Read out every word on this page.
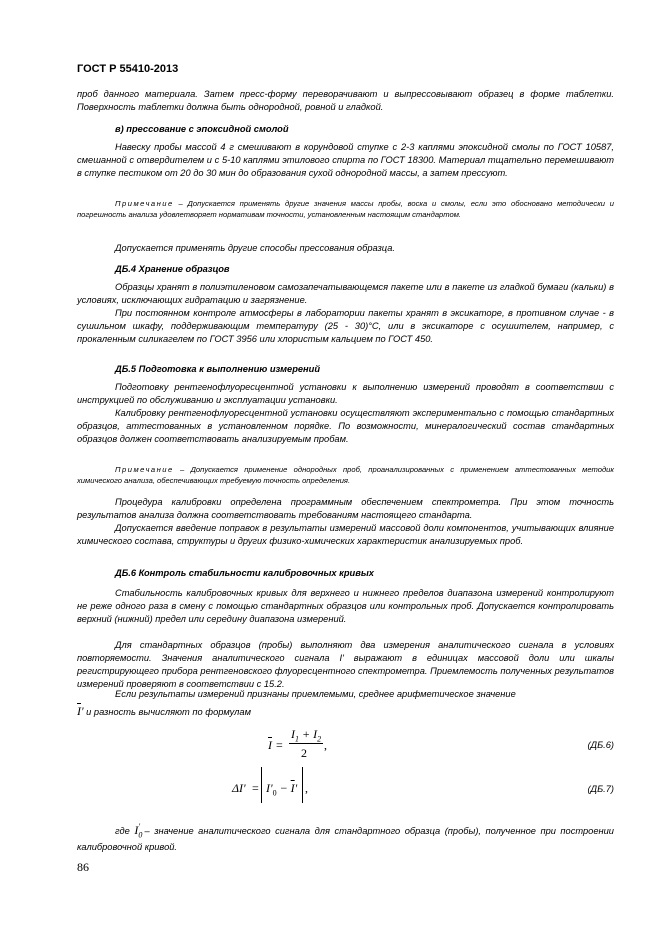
ГОСТ Р 55410-2013
проб данного материала. Затем пресс-форму переворачивают и выпрессовывают образец в форме таблетки. Поверхность таблетки должна быть однородной, ровной и гладкой.
в) прессование с эпоксидной смолой
Навеску пробы массой 4 г смешивают в корундовой ступке с 2-3 каплями эпоксидной смолы по ГОСТ 10587, смешанной с отвердителем и с 5-10 каплями этилового спирта по ГОСТ 18300. Материал тщательно перемешивают в ступке пестиком от 20 до 30 мин до образования сухой однородной массы, а затем прессуют.
Примечание – Допускается применять другие значения массы пробы, воска и смолы, если это обосновано методически и погрешность анализа удовлетворяет нормативам точности, установленным настоящим стандартом.
Допускается применять другие способы прессования образца.
ДБ.4 Хранение образцов
Образцы хранят в полиэтиленовом самозапечатывающемся пакете или в пакете из гладкой бумаги (кальки) в условиях, исключающих гидратацию и загрязнение.
При постоянном контроле атмосферы в лаборатории пакеты хранят в эксикаторе, в противном случае - в сушильном шкафу, поддерживающим температуру (25 - 30)°С, или в эксикаторе с осушителем, например, с прокаленным силикагелем по ГОСТ 3956 или хлористым кальцием по ГОСТ 450.
ДБ.5 Подготовка к выполнению измерений
Подготовку рентгенофлуоресцентной установки к выполнению измерений проводят в соответствии с инструкцией по обслуживанию и эксплуатации установки.
Калибровку рентгенофлуоресцентной установки осуществляют экспериментально с помощью стандартных образцов, аттестованных в установленном порядке. По возможности, минералогический состав стандартных образцов должен соответствовать анализируемым пробам.
Примечание – Допускается применение однородных проб, проанализированных с применением аттестованных методик химического анализа, обеспечивающих требуемую точность определения.
Процедура калибровки определена программным обеспечением спектрометра. При этом точность результатов анализа должна соответствовать требованиям настоящего стандарта.
Допускается введение поправок в результаты измерений массовой доли компонентов, учитывающих влияние химического состава, структуры и других физико-химических характеристик анализируемых проб.
ДБ.6 Контроль стабильности калибровочных кривых
Стабильность калибровочных кривых для верхнего и нижнего пределов диапазона измерений контролируют не реже одного раза в смену с помощью стандартных образцов или контрольных проб. Допускается контролировать верхний (нижний) предел или середину диапазона измерений.
Для стандартных образцов (пробы) выполняют два измерения аналитического сигнала в условиях повторяемости. Значения аналитического сигнала I' выражают в единицах массовой доли или шкалы регистрирующего прибора рентгеновского флуоресцентного спектрометра. Приемлемость полученных результатов измерений проверяют в соответствии с 15.2.
Если результаты измерений признаны приемлемыми, среднее арифметическое значение
$\overline{I}'$ и разность вычисляют по формулам
$\overline{I}$ =
$I_1 + I_2$
2
,	(ДБ.6)
$\Delta I' = I'_0 - \overline{I}'$ ,	(ДБ.7)
где $I_0'$ – значение аналитического сигнала для стандартного образца (пробы), полученное при построении калибровочной кривой.
86
